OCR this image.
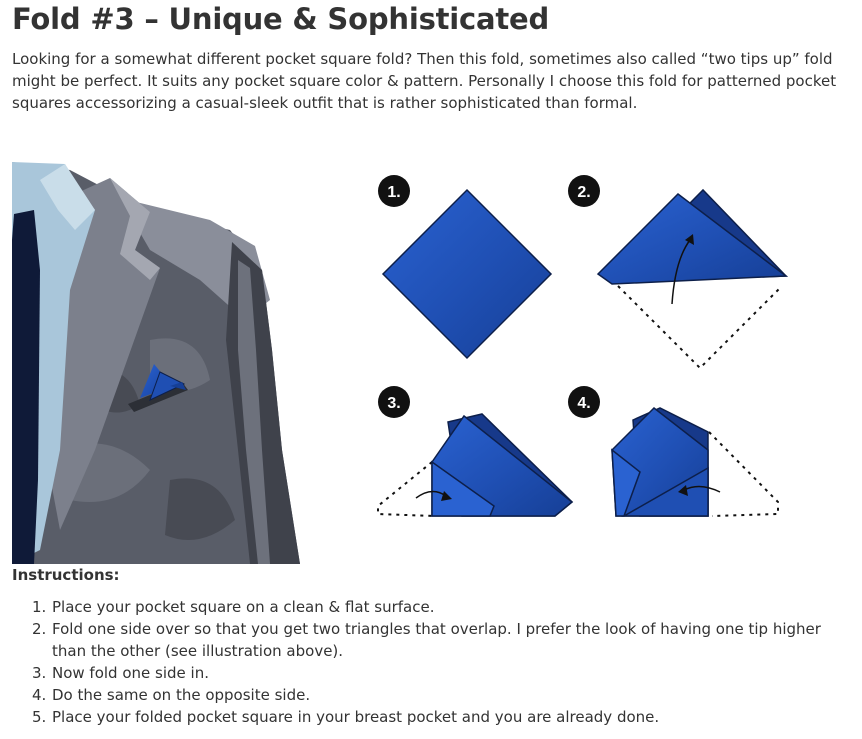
Fold #3 – Unique & Sophisticated

Looking for a somewhat different pocket square fold? Then this fold, sometimes also called “two tips up” fold might be perfect. It suits any pocket square color & pattern. Personally I choose this fold for patterned pocket squares accessorizing a casual-sleek outfit that is rather sophisticated than formal.

1.	2.
3.	4.
Instructions:
1. Place your pocket square on a clean & flat surface.
2. Fold one side over so that you get two triangles that overlap. I prefer the look of having one tip higher than the other (see illustration above).
3. Now fold one side in.
4. Do the same on the opposite side.
5. Place your folded pocket square in your breast pocket and you are already done.
